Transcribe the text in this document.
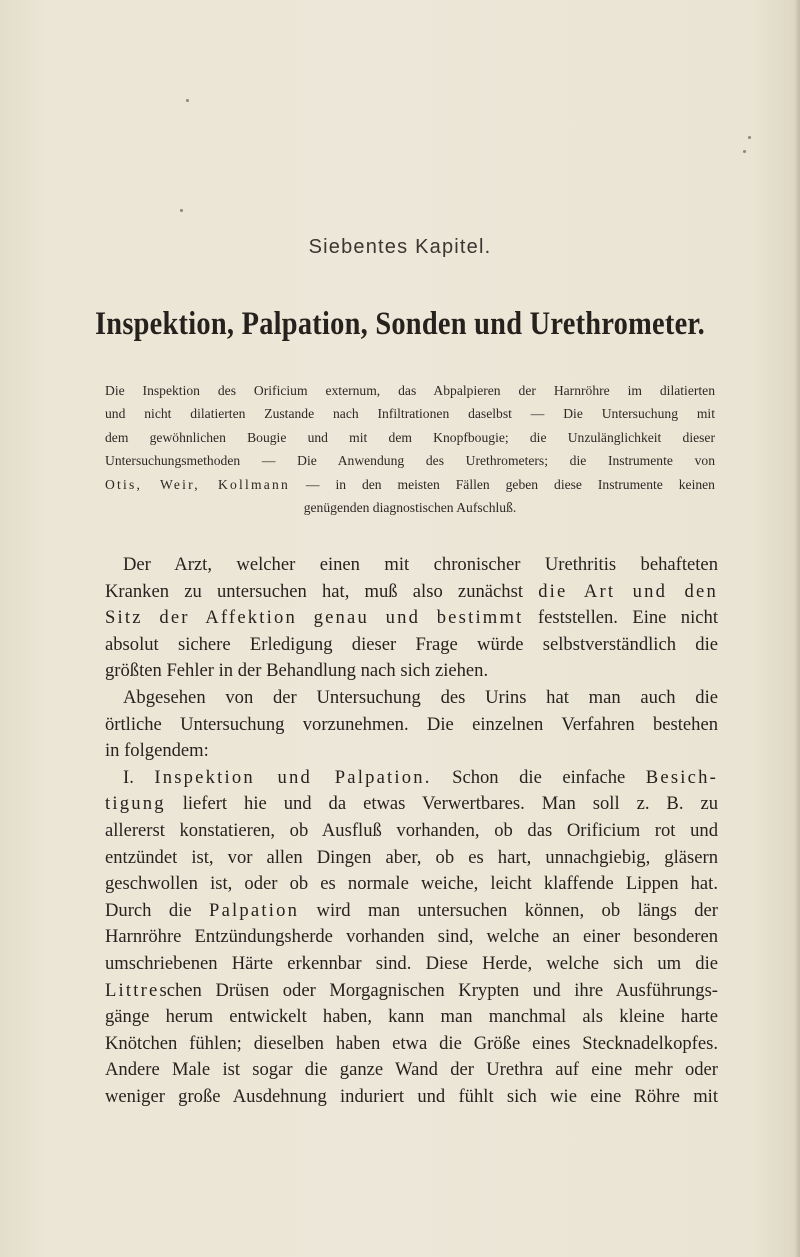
Siebentes Kapitel.
Inspektion, Palpation, Sonden und Urethrometer.
Die Inspektion des Orificium externum, das Abpalpieren der Harnröhre im dilatierten
und nicht dilatierten Zustande nach Infiltrationen daselbst — Die Untersuchung mit
dem gewöhnlichen Bougie und mit dem Knopfbougie; die Unzulänglichkeit dieser
Untersuchungsmethoden — Die Anwendung des Urethrometers; die Instrumente von
Otis, Weir, Kollmann — in den meisten Fällen geben diese Instrumente keinen
genügenden diagnostischen Aufschluß.
Der Arzt, welcher einen mit chronischer Urethritis behafteten
Kranken zu untersuchen hat, muß also zunächst die Art und den
Sitz der Affektion genau und bestimmt feststellen. Eine nicht
absolut sichere Erledigung dieser Frage würde selbstverständlich die
größten Fehler in der Behandlung nach sich ziehen.
Abgesehen von der Untersuchung des Urins hat man auch die
örtliche Untersuchung vorzunehmen. Die einzelnen Verfahren bestehen
in folgendem:
I. Inspektion und Palpation. Schon die einfache Besich-
tigung liefert hie und da etwas Verwertbares. Man soll z. B. zu
allererst konstatieren, ob Ausfluß vorhanden, ob das Orificium rot und
entzündet ist, vor allen Dingen aber, ob es hart, unnachgiebig, gläsern
geschwollen ist, oder ob es normale weiche, leicht klaffende Lippen hat.
Durch die Palpation wird man untersuchen können, ob längs der
Harnröhre Entzündungsherde vorhanden sind, welche an einer besonderen
umschriebenen Härte erkennbar sind. Diese Herde, welche sich um die
Littreschen Drüsen oder Morgagnischen Krypten und ihre Ausführungs-
gänge herum entwickelt haben, kann man manchmal als kleine harte
Knötchen fühlen; dieselben haben etwa die Größe eines Stecknadelkopfes.
Andere Male ist sogar die ganze Wand der Urethra auf eine mehr oder
weniger große Ausdehnung induriert und fühlt sich wie eine Röhre mit
